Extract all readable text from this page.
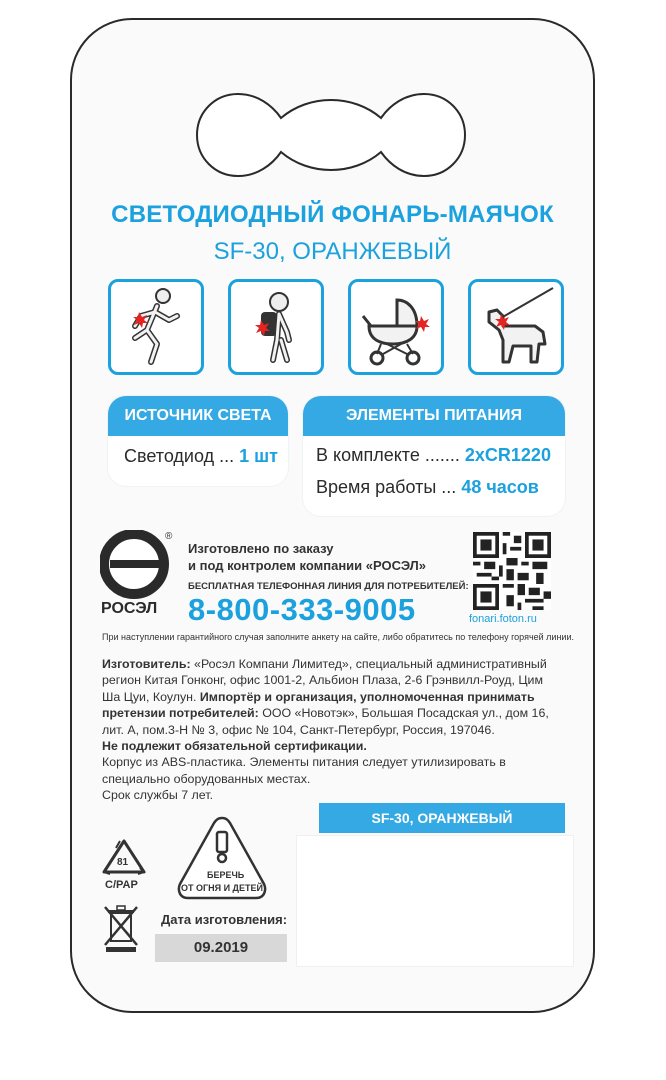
СВЕТОДИОДНЫЙ ФОНАРЬ-МАЯЧОК
SF-30, ОРАНЖЕВЫЙ
ИСТОЧНИК СВЕТА
Светодиод ... 1 шт
ЭЛЕМЕНТЫ ПИТАНИЯ
В комплекте ....... 2xCR1220
Время работы ... 48 часов
®
РОСЭЛ
Изготовлено по заказу
и под контролем компании «РОСЭЛ»
БЕСПЛАТНАЯ ТЕЛЕФОННАЯ ЛИНИЯ ДЛЯ ПОТРЕБИТЕЛЕЙ:
8-800-333-9005	fonari.foton.ru
При наступлении гарантийного случая заполните анкету на сайте, либо обратитесь по телефону горячей линии.
Изготовитель: «Росэл Компани Лимитед», специальный административный регион Китая Гонконг, офис 1001-2, Альбион Плаза, 2-6 Грэнвилл-Роуд, Цим Ша Цуи, Коулун. Импортёр и организация, уполномоченная принимать претензии потребителей: ООО «Новотэк», Большая Посадская ул., дом 16, лит. А, пом.3-Н № 3, офис № 104, Санкт-Петербург, Россия, 197046.
Не подлежит обязательной сертификации.
Корпус из ABS-пластика. Элементы питания следует утилизировать в специально оборудованных местах.
Срок службы 7 лет.
SF-30, ОРАНЖЕВЫЙ
81
C/PAP
БЕРЕЧЬ
ОТ ОГНЯ И ДЕТЕЙ
Дата изготовления:
09.2019
